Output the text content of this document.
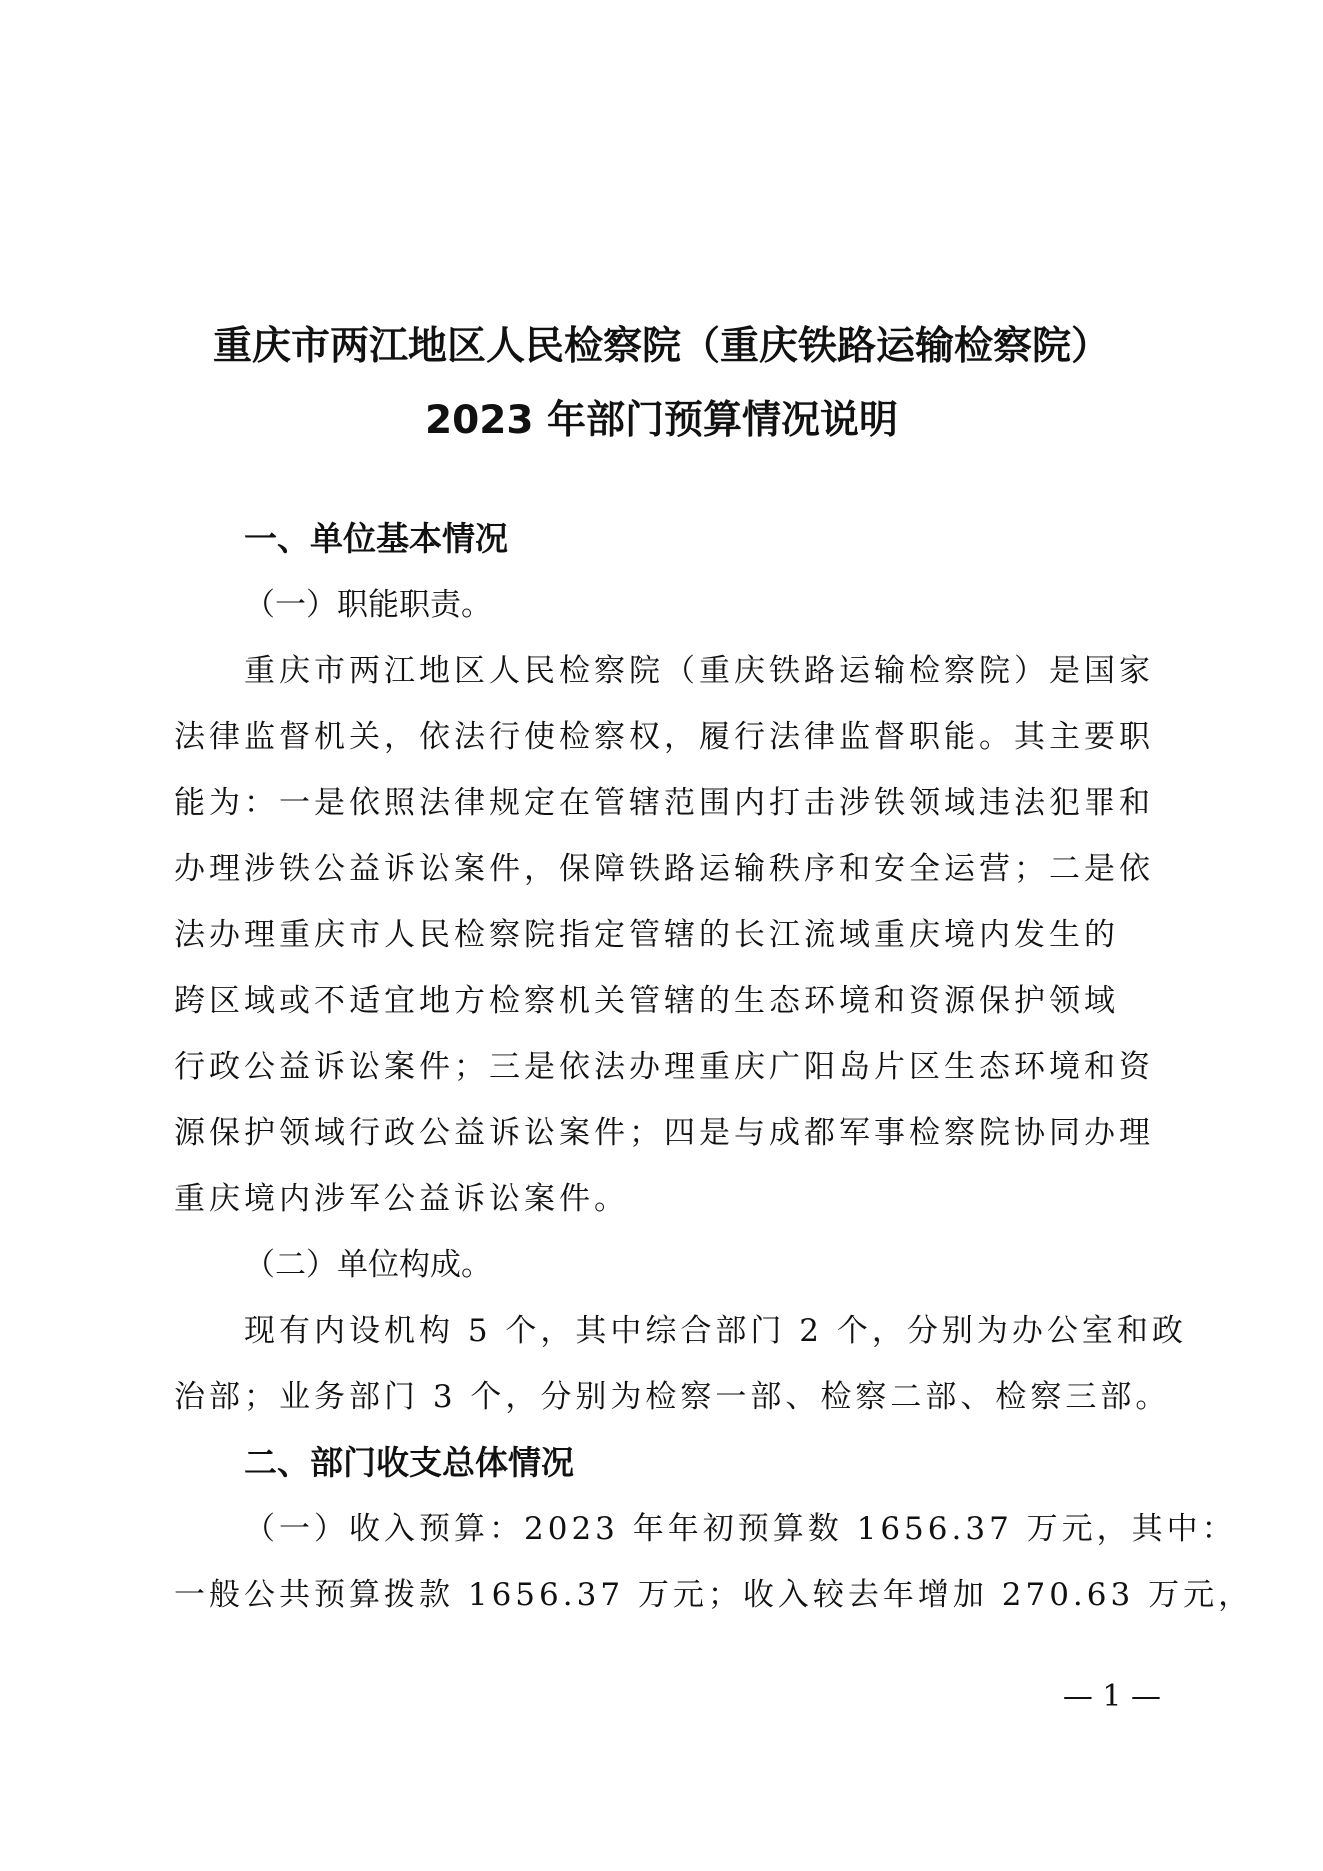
重庆市两江地区人民检察院（重庆铁路运输检察院）
2023 年部门预算情况说明
一、单位基本情况
（一）职能职责。
重庆市两江地区人民检察院（重庆铁路运输检察院）是国家
法律监督机关，依法行使检察权，履行法律监督职能。其主要职
能为：一是依照法律规定在管辖范围内打击涉铁领域违法犯罪和
办理涉铁公益诉讼案件，保障铁路运输秩序和安全运营；二是依
法办理重庆市人民检察院指定管辖的长江流域重庆境内发生的
跨区域或不适宜地方检察机关管辖的生态环境和资源保护领域
行政公益诉讼案件；三是依法办理重庆广阳岛片区生态环境和资
源保护领域行政公益诉讼案件；四是与成都军事检察院协同办理
重庆境内涉军公益诉讼案件。
（二）单位构成。
现有内设机构 5 个，其中综合部门 2 个，分别为办公室和政
治部；业务部门 3 个，分别为检察一部、检察二部、检察三部。
二、部门收支总体情况
（一）收入预算：2023 年年初预算数 1656.37 万元，其中：
一般公共预算拨款 1656.37 万元；收入较去年增加 270.63 万元，
— 1 —
